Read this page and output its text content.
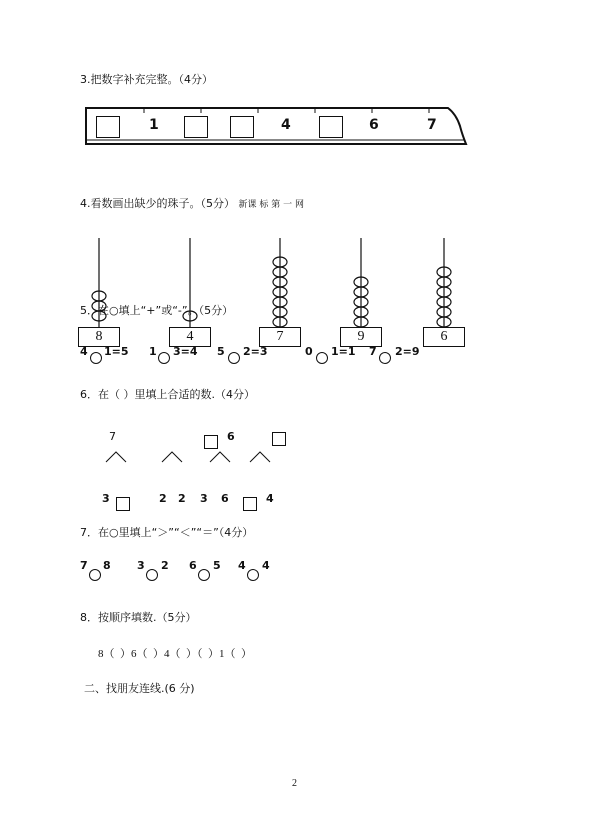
3.把数字补充完整。（4分）
1	4	6	7
4.看数画出缺少的珠子。（5分） 新课 标 第 一 网
8	4	7	9	6
5．在○填上“+”或“-”。（5分）
4 1=5 1 3=4 5 2=3	0 1=1 7 2=9
6．在（ ）里填上合适的数.（4分）
7	6
3	2 2 3 6	4
7．在○里填上“＞”“＜”“＝”（4分）
7 8 3 2 6 5 4 4
8．按顺序填数.（5分）
8（  ）6（  ）4（  ）（  ）1（  ）
二、找朋友连线.(6 分)
2
